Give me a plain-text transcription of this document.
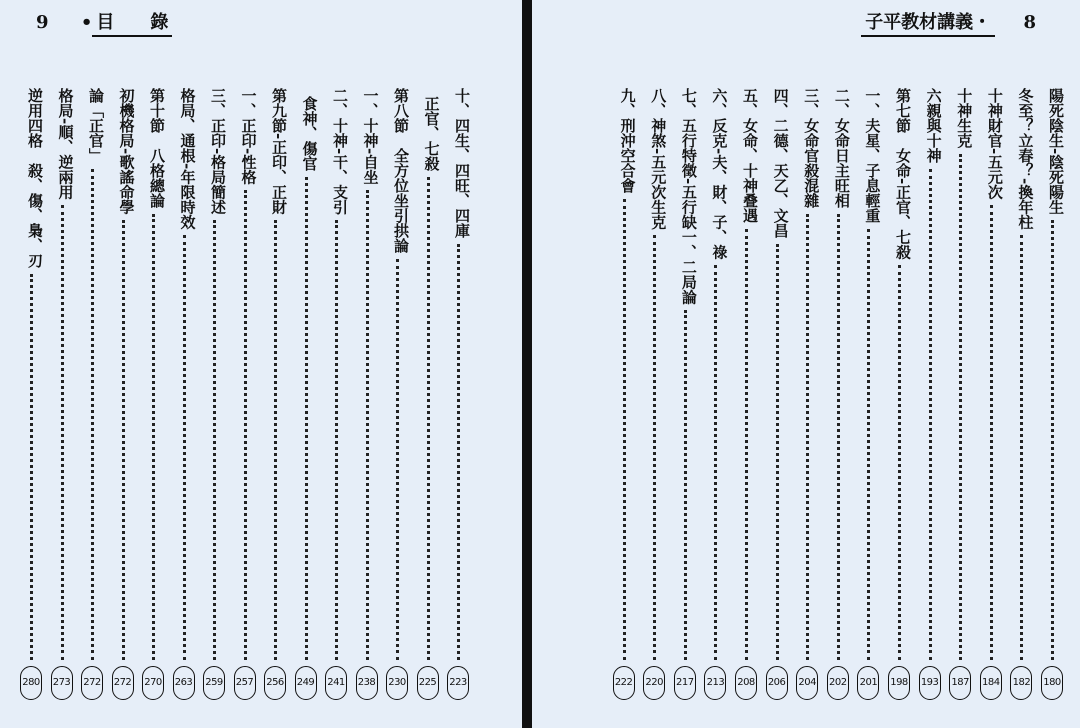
9 • 目　　錄
十、四生、四旺、四庫
223
正官、七殺
225
第八節　全方位坐引拱論
230
一、十神-自坐
238
二、十神-干、支引
241
食神、傷官
249
第九節-正印、正財
256
一、正印-性格
257
三、正印-格局簡述
259
格局、通根-年限時效
263
第十節　八格總論
270
初機格局-歌謠命學
272
論「正官」
272
格局-順、逆兩用
273
逆用四格　殺、傷、梟、刃
280
子平教材講義・ 8
陽死陰生-陰死陽生
180
冬至？立春？-換年柱
182
十神財官-五元次
184
十神生克
187
六親與十神
193
第七節　女命-正官、七殺
198
一、夫星、子息輕重
201
二、女命日主旺相
202
三、女命官殺混雜
204
四、二德、天乙、文昌
206
五、女命、十神叠遇
208
六、反克-夫、財、子、祿
213
七、五行特徵-五行缺一、二局論
217
八、神煞-五元次生克
220
九、刑沖空合會
222
